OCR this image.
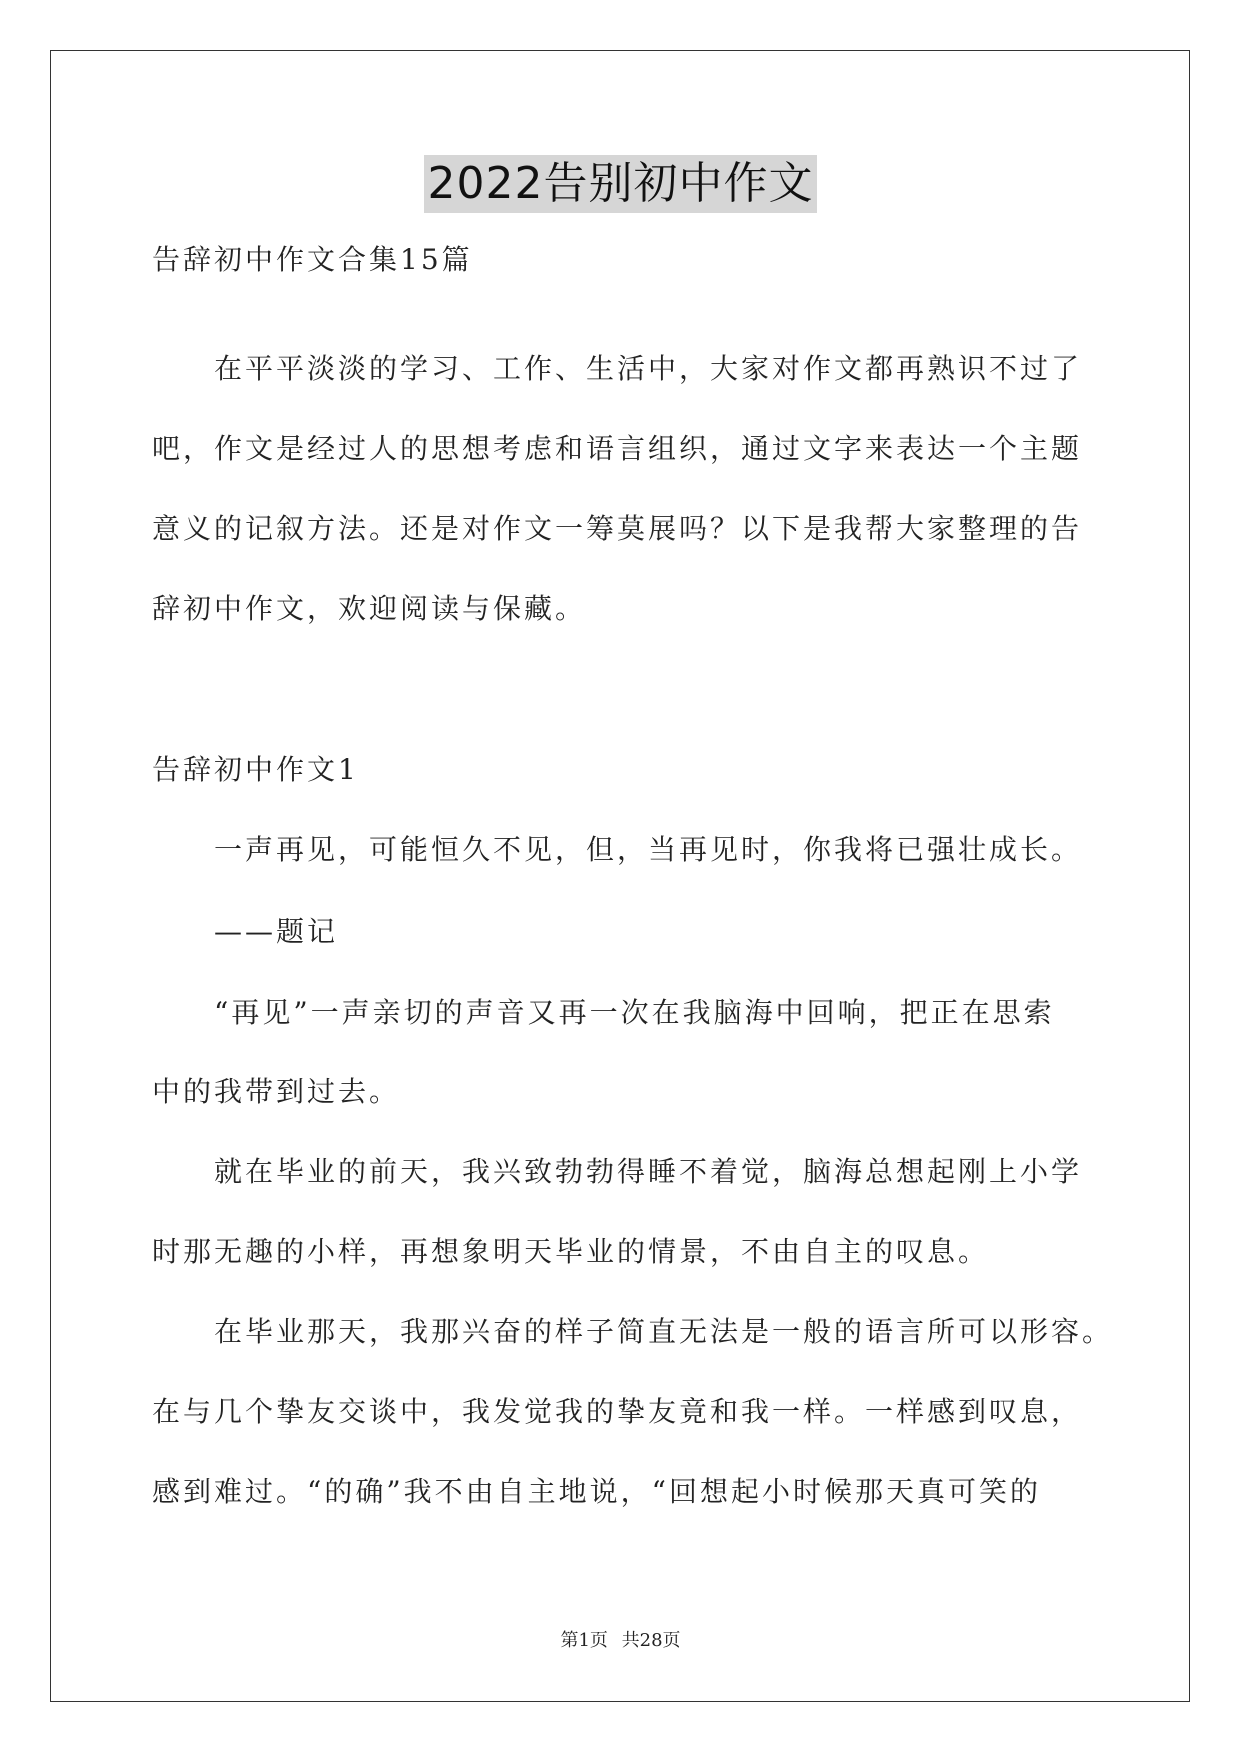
2022告别初中作文
告辞初中作文合集15篇
在平平淡淡的学习、工作、生活中，大家对作文都再熟识不过了
吧，作文是经过人的思想考虑和语言组织，通过文字来表达一个主题
意义的记叙方法。还是对作文一筹莫展吗？以下是我帮大家整理的告
辞初中作文，欢迎阅读与保藏。
告辞初中作文1
一声再见，可能恒久不见，但，当再见时，你我将已强壮成长。
——题记
“再见”一声亲切的声音又再一次在我脑海中回响，把正在思索
中的我带到过去。
就在毕业的前天，我兴致勃勃得睡不着觉，脑海总想起刚上小学
时那无趣的小样，再想象明天毕业的情景，不由自主的叹息。
在毕业那天，我那兴奋的样子简直无法是一般的语言所可以形容。
在与几个挚友交谈中，我发觉我的挚友竟和我一样。一样感到叹息，
感到难过。“的确”我不由自主地说，“回想起小时候那天真可笑的
第1页 共28页
